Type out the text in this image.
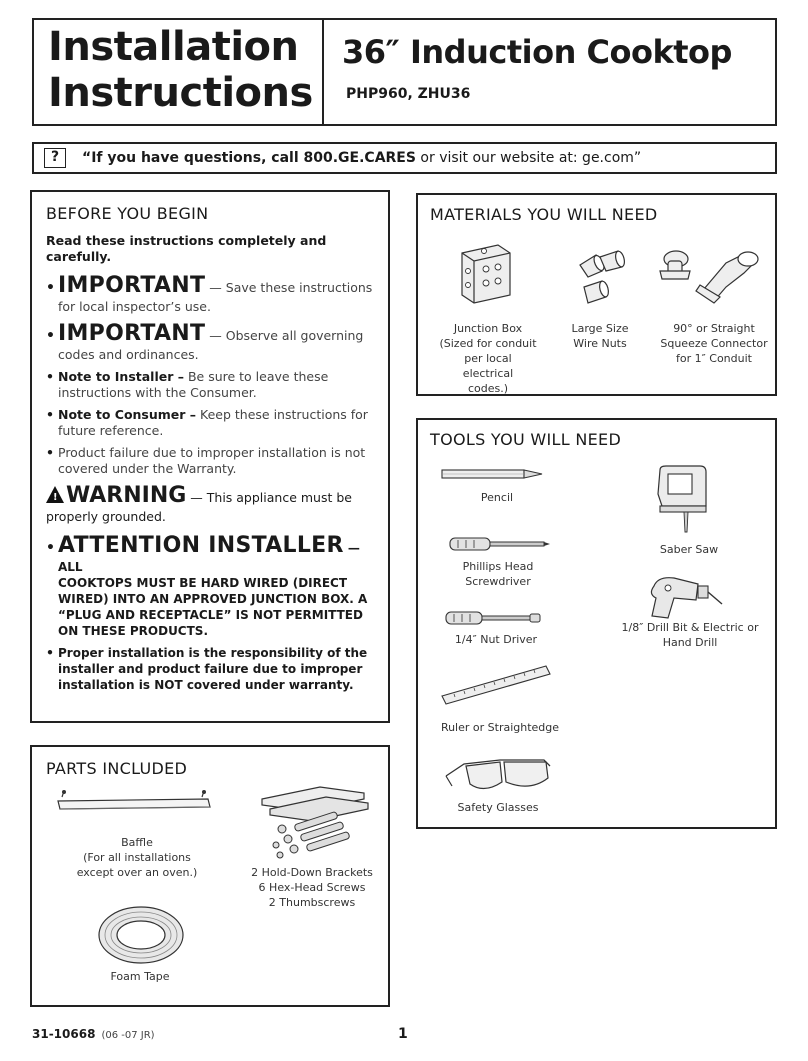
Installation
Instructions
36″ Induction Cooktop
PHP960, ZHU36
? “If you have questions, call 800.GE.CARES or visit our website at: ge.com”
BEFORE YOU BEGIN
Read these instructions completely and carefully.
• IMPORTANT — Save these instructions for local inspector’s use.
• IMPORTANT — Observe all governing codes and ordinances.
• Note to Installer – Be sure to leave these instructions with the Consumer.
• Note to Consumer – Keep these instructions for future reference.
• Product failure due to improper installation is not covered under the Warranty.
! WARNING — This appliance must be properly grounded.
• ATTENTION INSTALLER — ALL
COOKTOPS MUST BE HARD WIRED (DIRECT WIRED) INTO AN APPROVED JUNCTION BOX. A “PLUG AND RECEPTACLE” IS NOT PERMITTED ON THESE PRODUCTS.
• Proper installation is the responsibility of the installer and product failure due to improper installation is NOT covered under warranty.
PARTS INCLUDED
Baffle
(For all installations
except over an oven.)	2 Hold-Down Brackets
6 Hex-Head Screws
2 Thumbscrews
Foam Tape
MATERIALS YOU WILL NEED
Junction Box
(Sized for conduit
per local electrical
codes.)
Large Size
Wire Nuts
90° or Straight
Squeeze Connector
for 1″ Conduit
TOOLS YOU WILL NEED
Pencil
Phillips Head
Screwdriver
1/4″ Nut Driver
Ruler or Straightedge
Safety Glasses
Saber Saw
1/8″ Drill Bit & Electric or
Hand Drill
31-10668 (06 -07 JR)	1
